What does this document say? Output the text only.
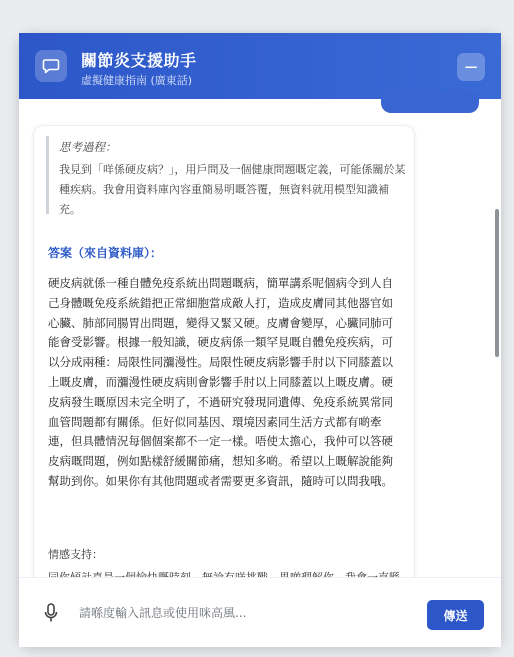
關節炎支援助手
虛擬健康指南 (廣東話)
−
思考過程：
我見到「咩係硬皮病？」，用戶問及一個健康問題嘅定義，可能係關於某種疾病。我會用資料庫內容重簡易明嘅答覆，無資料就用模型知識補充。
答案（來自資料庫）：
硬皮病就係一種自體免疫系統出問題嘅病，簡單講系呢個病令到人自己身體嘅免疫系統錯把正常細胞當成敵人打，造成皮膚同其他器官如心臟、肺部同腸胃出問題，變得又緊又硬。皮膚會變厚，心臟同肺可能會受影響。根據一般知識，硬皮病係一類罕見嘅自體免疫疾病，可以分成兩種：局限性同瀰漫性。局限性硬皮病影響手肘以下同膝蓋以上嘅皮膚，而瀰漫性硬皮病則會影響手肘以上同膝蓋以上嘅皮膚。硬皮病發生嘅原因未完全明了，不過研究發現同遺傳、免疫系統異常同血管問題都有關係。佢好似同基因、環境因素同生活方式都有啲牽連，但具體情況每個個案都不一定一樣。唔使太擔心，我仲可以答硬皮病嘅問題，例如點樣舒緩關節痛，想知多啲。希望以上嘅解說能夠幫助到你。如果你有其他問題或者需要更多資訊，隨時可以問我哦。
情感支持：
請喺度輸入訊息或使用咪高風...
傳送
